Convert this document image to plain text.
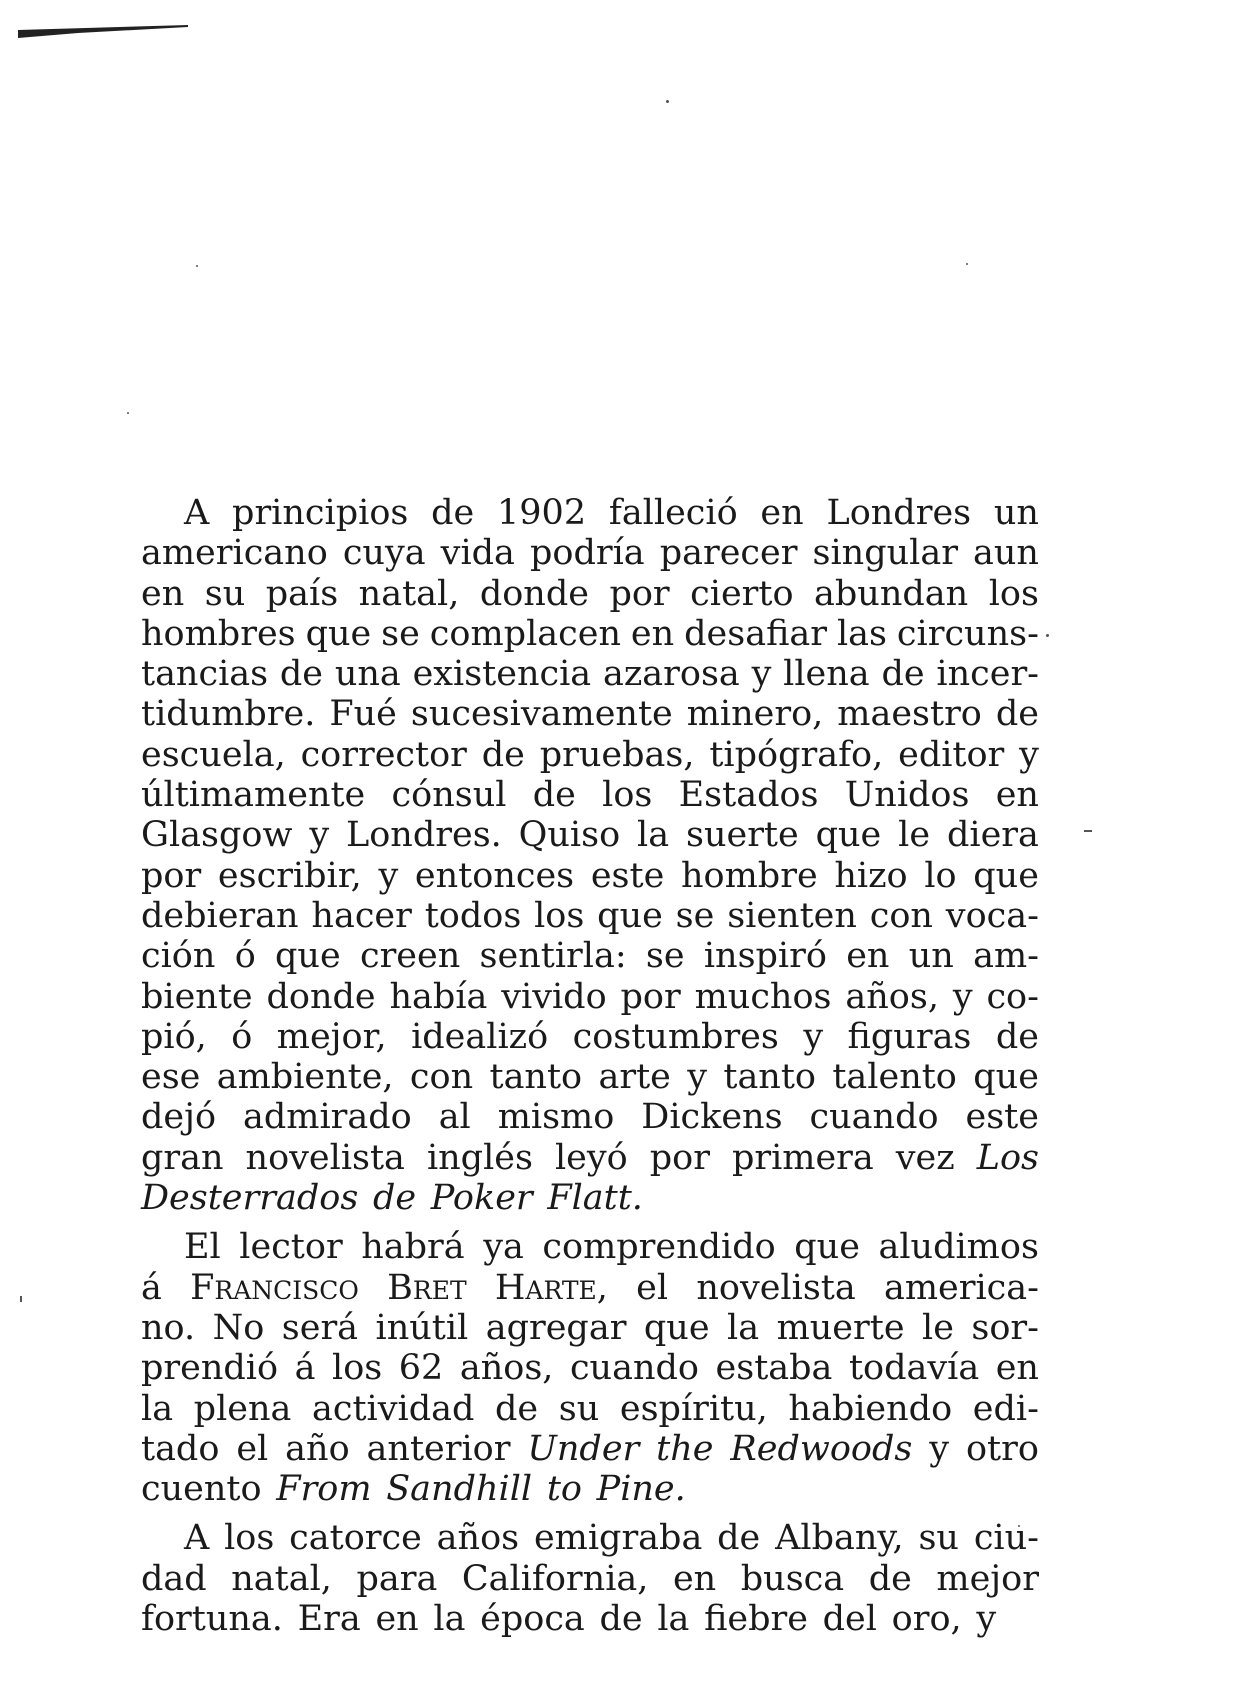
A principios de 1902 falleció en Londres un
americano cuya vida podría parecer singular aun
en su país natal, donde por cierto abundan los
hombres que se complacen en desafiar las circuns-
tancias de una existencia azarosa y llena de incer-
tidumbre. Fué sucesivamente minero, maestro de
escuela, corrector de pruebas, tipógrafo, editor y
últimamente cónsul de los Estados Unidos en
Glasgow y Londres. Quiso la suerte que le diera
por escribir, y entonces este hombre hizo lo que
debieran hacer todos los que se sienten con voca-
ción ó que creen sentirla: se inspiró en un am-
biente donde había vivido por muchos años, y co-
pió, ó mejor, idealizó costumbres y figuras de
ese ambiente, con tanto arte y tanto talento que
dejó admirado al mismo Dickens cuando este
gran novelista inglés leyó por primera vez Los
Desterrados de Poker Flatt.
El lector habrá ya comprendido que aludimos
á Francisco Bret Harte, el novelista america-
no. No será inútil agregar que la muerte le sor-
prendió á los 62 años, cuando estaba todavía en
la plena actividad de su espíritu, habiendo edi-
tado el año anterior Under the Redwoods y otro
cuento From Sandhill to Pine.
A los catorce años emigraba de Albany, su ciu-
dad natal, para California, en busca de mejor
fortuna. Era en la época de la fiebre del oro, y
